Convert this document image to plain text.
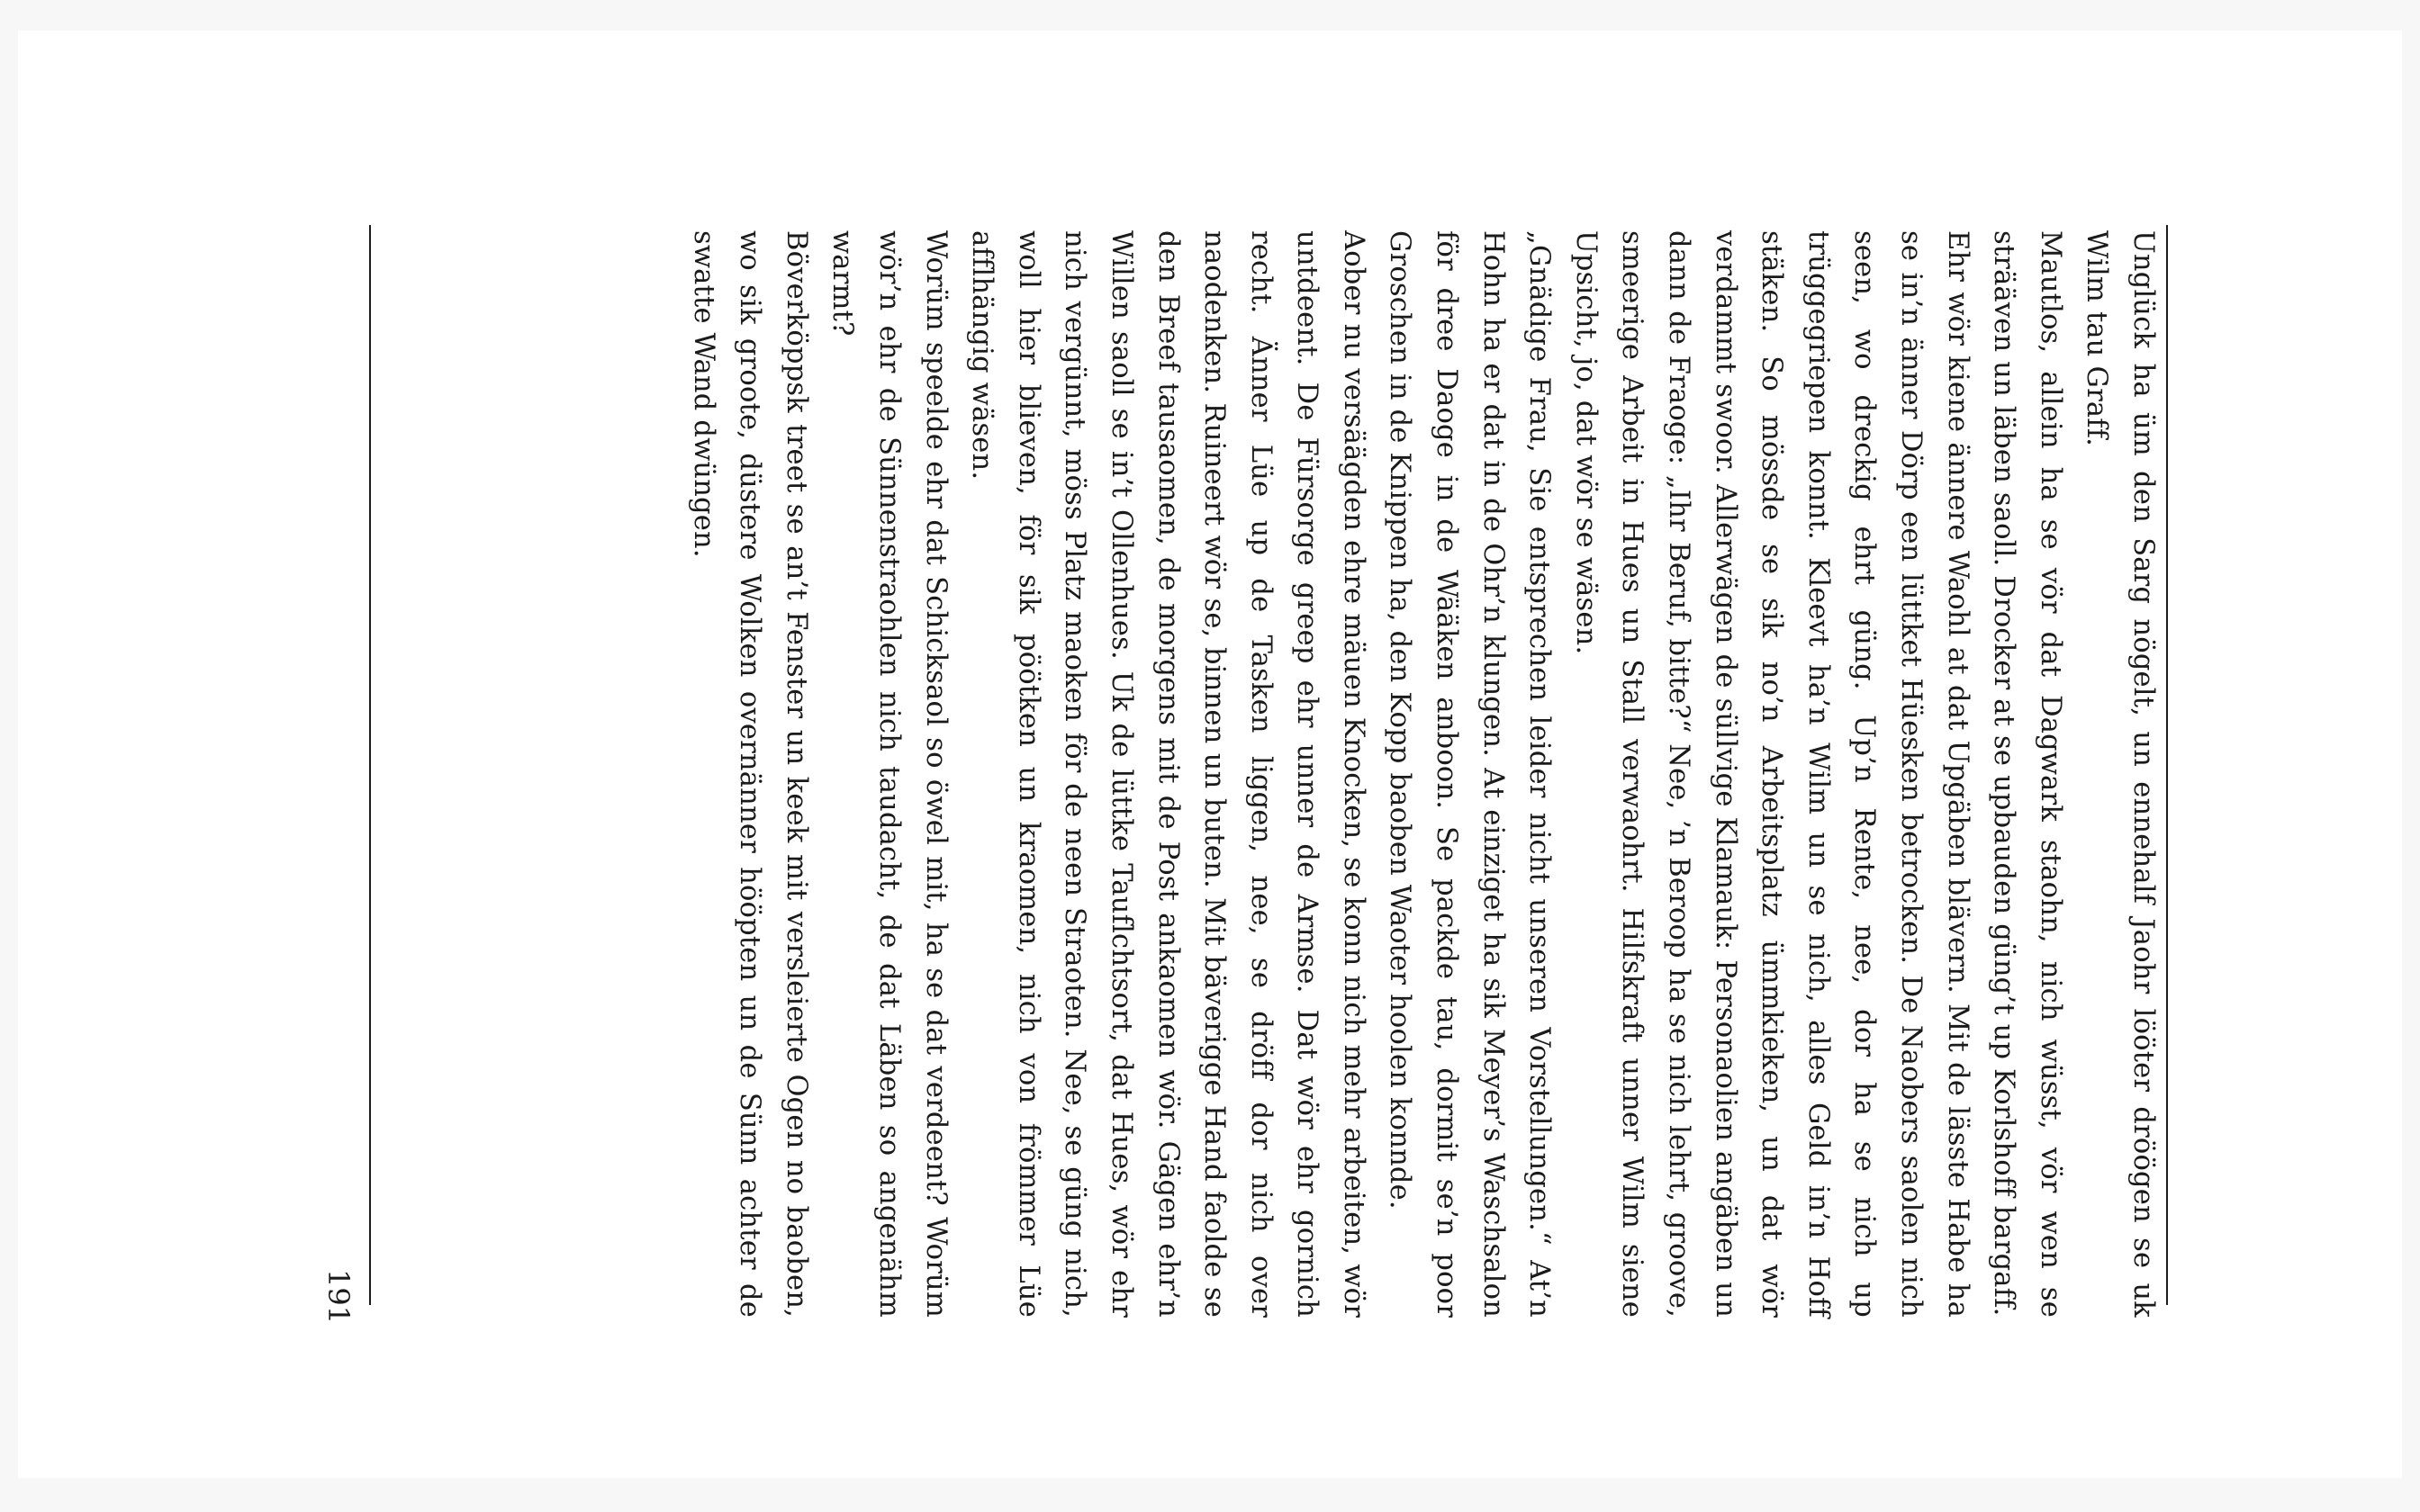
Unglück ha üm den Sarg nögelt, un ennehalf Jaohr lööter dröögen se uk Wilm tau Graff.

Mautlos, allein ha se vör dat Dagwark staohn, nich wüsst, vör wen se strääven un läben saoll. Drocker at se upbauden güng’t up Korlshoff bargaff.

Ehr wör kiene ännere Waohl at dat Upgäben blävern. Mit de lässte Habe ha se in’n änner Dörp een lüttket Hüesken betrocken. De Naobers saolen nich seen, wo dreckig ehrt güng. Up’n Rente, nee, dor ha se nich up trüggegriepen konnt. Kleevt ha’n Wilm un se nich, alles Geld in’n Hoff stäken. So mössde se sik no’n Arbeitsplatz ümmkieken, un dat wör verdammt swoor. Allerwägen de süllvige Klamauk: Personaolien angäben un dann de Fraoge: „Ihr Beruf, bitte?“ Nee, ’n Beroop ha se nich lehrt, groove, smeerige Arbeit in Hues un Stall verwaohrt. Hilfskraft unner Wilm siene Upsicht, jo, dat wör se wäsen.

„Gnädige Frau, Sie entsprechen leider nicht unseren Vorstellungen.“ At’n Hohn ha er dat in de Ohr’n klungen. At einziget ha sik Meyer’s Waschsalon för dree Daoge in de Wääken anboon. Se packde tau, dormit se’n poor Groschen in de Knippen ha, den Kopp baoben Waoter hoolen konnde.

Aober nu versäägden ehre mäuen Knocken, se konn nich mehr arbeiten, wör untdeent. De Fürsorge greep ehr unner de Armse. Dat wör ehr gornich recht. Änner Lüe up de Tasken liggen, nee, se dröff dor nich over naodenken. Ruineert wör se, binnen un buten. Mit bäverigge Hand faolde se den Breef tausaomen, de morgens mit de Post ankaomen wör. Gägen ehr’n Willen saoll se in’t Ollenhues. Uk de lüttke Tauflchtsort, dat Hues, wör ehr nich vergünnt, möss Platz maoken för de neen Straoten. Nee, se güng nich, woll hier blieven, för sik pöötken un kraomen, nich von frömmer Lüe afflhängig wäsen.

Worüm speelde ehr dat Schicksaol so öwel mit, ha se dat verdeent? Worüm wör’n ehr de Sünnenstraohlen nich taudacht, de dat Läben so angenähm warmt?

Böverköppsk treet se an’t Fenster un keek mit versleierte Ogen no baoben, wo sik groote, düstere Wolken overnänner hööpten un de Sünn achter de swatte Wand dwüngen.

191
